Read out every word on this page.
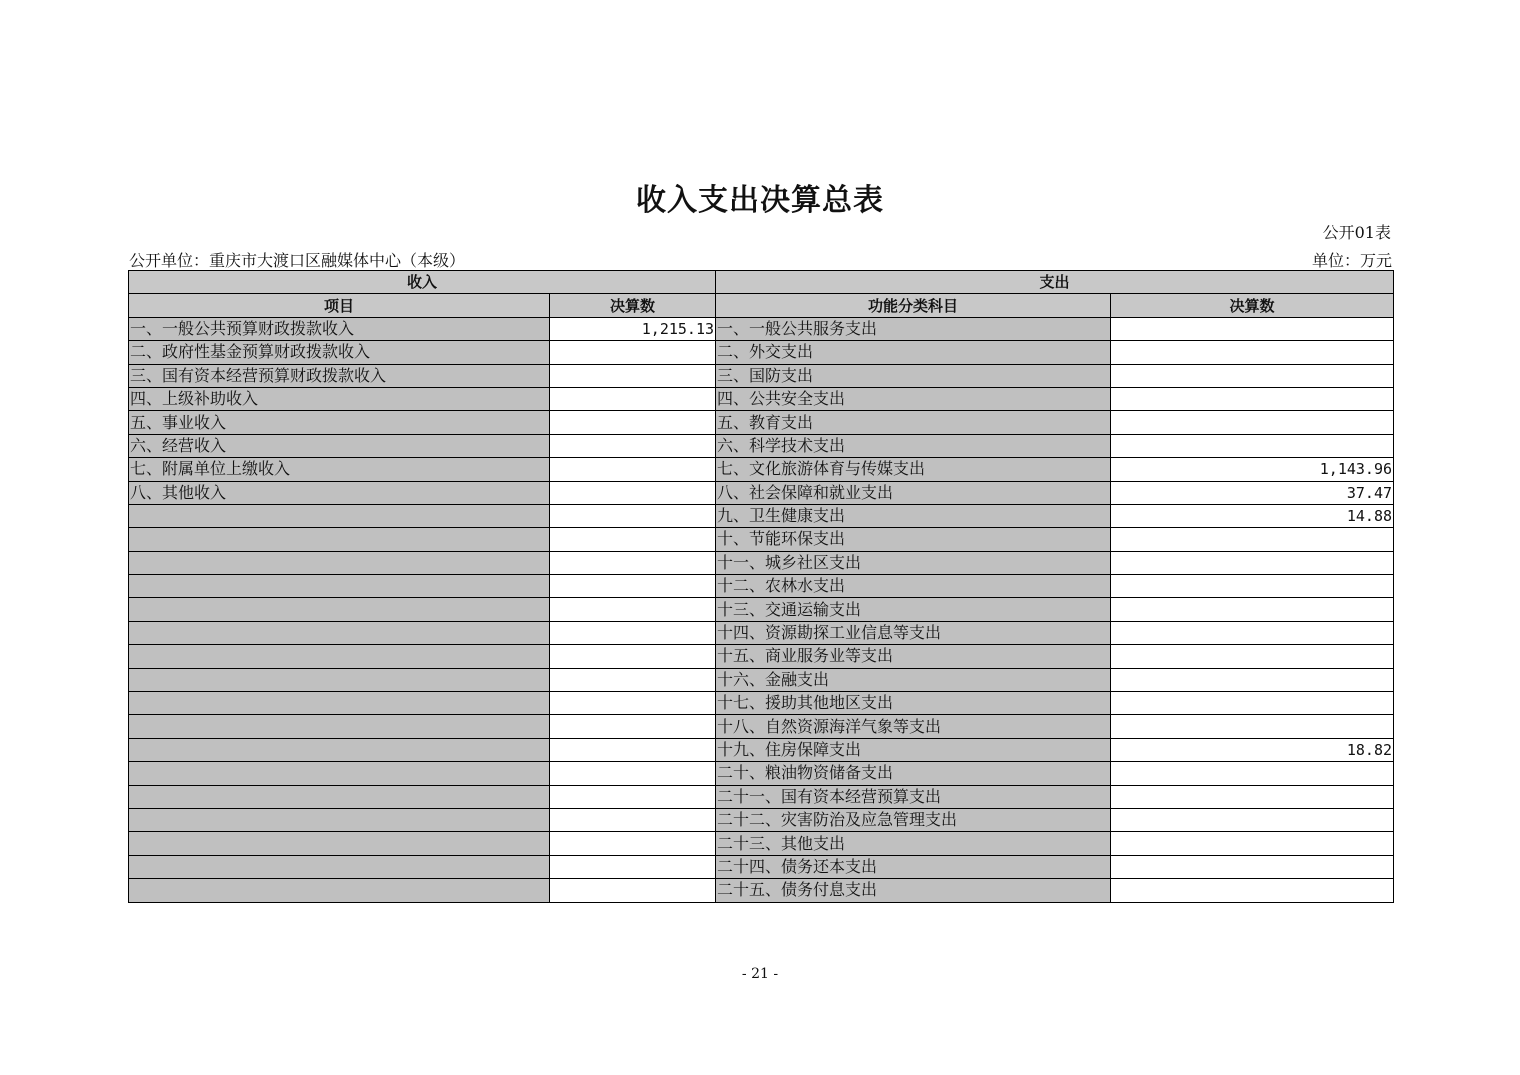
收入支出决算总表
公开01表
公开单位：重庆市大渡口区融媒体中心（本级）	单位：万元
收入		支出	
项目	决算数	功能分类科目	决算数
一、一般公共预算财政拨款收入	1,215.13	一、一般公共服务支出	
二、政府性基金预算财政拨款收入		二、外交支出	
三、国有资本经营预算财政拨款收入		三、国防支出	
四、上级补助收入		四、公共安全支出	
五、事业收入		五、教育支出	
六、经营收入		六、科学技术支出	
七、附属单位上缴收入		七、文化旅游体育与传媒支出	1,143.96
八、其他收入		八、社会保障和就业支出	37.47
		九、卫生健康支出	14.88
		十、节能环保支出	
		十一、城乡社区支出	
		十二、农林水支出	
		十三、交通运输支出	
		十四、资源勘探工业信息等支出	
		十五、商业服务业等支出	
		十六、金融支出	
		十七、援助其他地区支出	
		十八、自然资源海洋气象等支出	
		十九、住房保障支出	18.82
		二十、粮油物资储备支出	
		二十一、国有资本经营预算支出	
		二十二、灾害防治及应急管理支出	
		二十三、其他支出	
		二十四、债务还本支出	
		二十五、债务付息支出	
- 21 -
